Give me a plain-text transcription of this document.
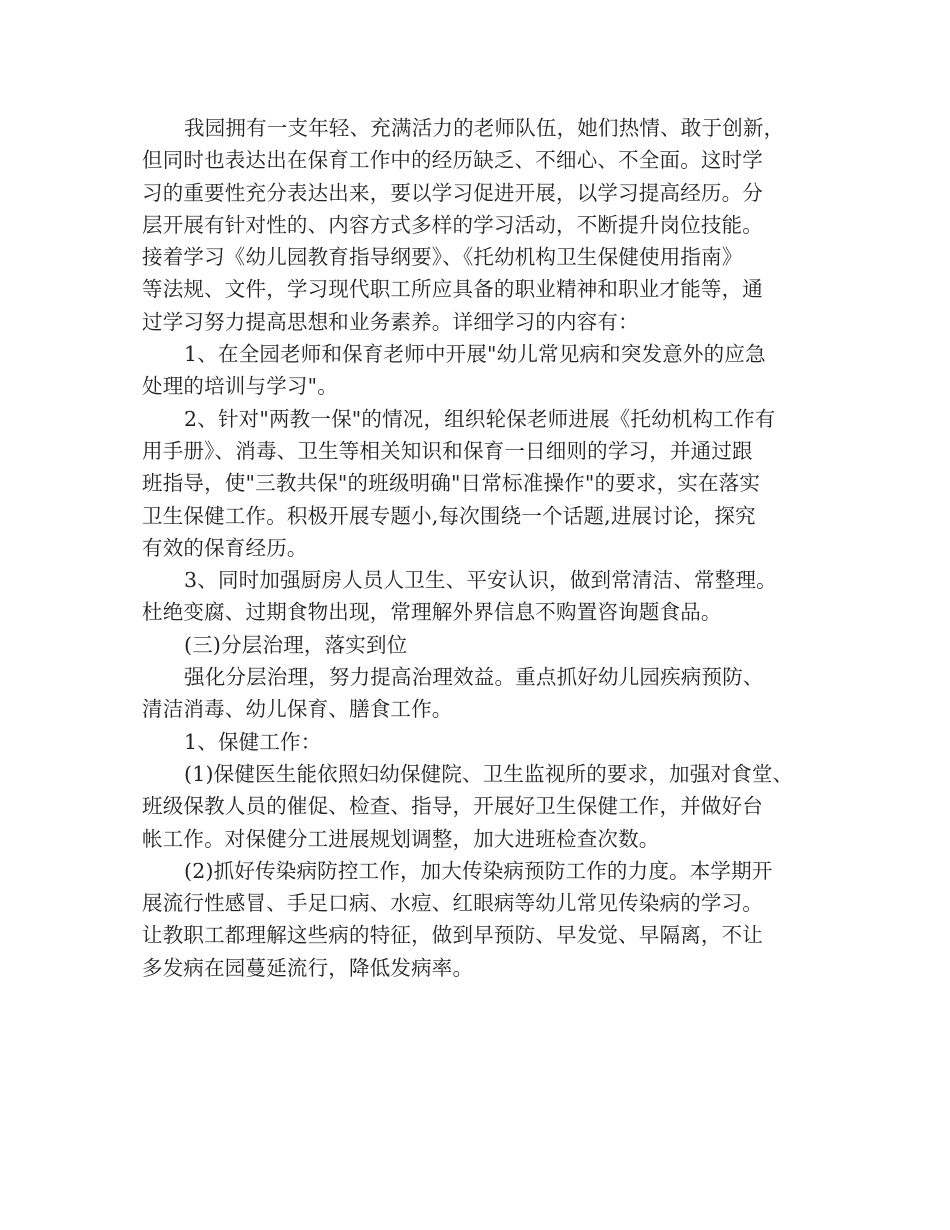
我园拥有一支年轻、充满活力的老师队伍，她们热情、敢于创新，
但同时也表达出在保育工作中的经历缺乏、不细心、不全面。这时学
习的重要性充分表达出来，要以学习促进开展，以学习提高经历。分
层开展有针对性的、内容方式多样的学习活动，不断提升岗位技能。
接着学习《幼儿园教育指导纲要》、《托幼机构卫生保健使用指南》
等法规、文件，学习现代职工所应具备的职业精神和职业才能等，通
过学习努力提高思想和业务素养。详细学习的内容有：
1、在全园老师和保育老师中开展"幼儿常见病和突发意外的应急
处理的培训与学习"。
2、针对"两教一保"的情况，组织轮保老师进展《托幼机构工作有
用手册》、消毒、卫生等相关知识和保育一日细则的学习，并通过跟
班指导，使"三教共保"的班级明确"日常标准操作"的要求，实在落实
卫生保健工作。积极开展专题小,每次围绕一个话题,进展讨论，探究
有效的保育经历。
3、同时加强厨房人员人卫生、平安认识，做到常清洁、常整理。
杜绝变腐、过期食物出现，常理解外界信息不购置咨询题食品。
(三)分层治理，落实到位
强化分层治理，努力提高治理效益。重点抓好幼儿园疾病预防、
清洁消毒、幼儿保育、膳食工作。
1、保健工作：
(1)保健医生能依照妇幼保健院、卫生监视所的要求，加强对食堂、
班级保教人员的催促、检查、指导，开展好卫生保健工作，并做好台
帐工作。对保健分工进展规划调整，加大进班检查次数。
(2)抓好传染病防控工作，加大传染病预防工作的力度。本学期开
展流行性感冒、手足口病、水痘、红眼病等幼儿常见传染病的学习。
让教职工都理解这些病的特征，做到早预防、早发觉、早隔离，不让
多发病在园蔓延流行，降低发病率。
